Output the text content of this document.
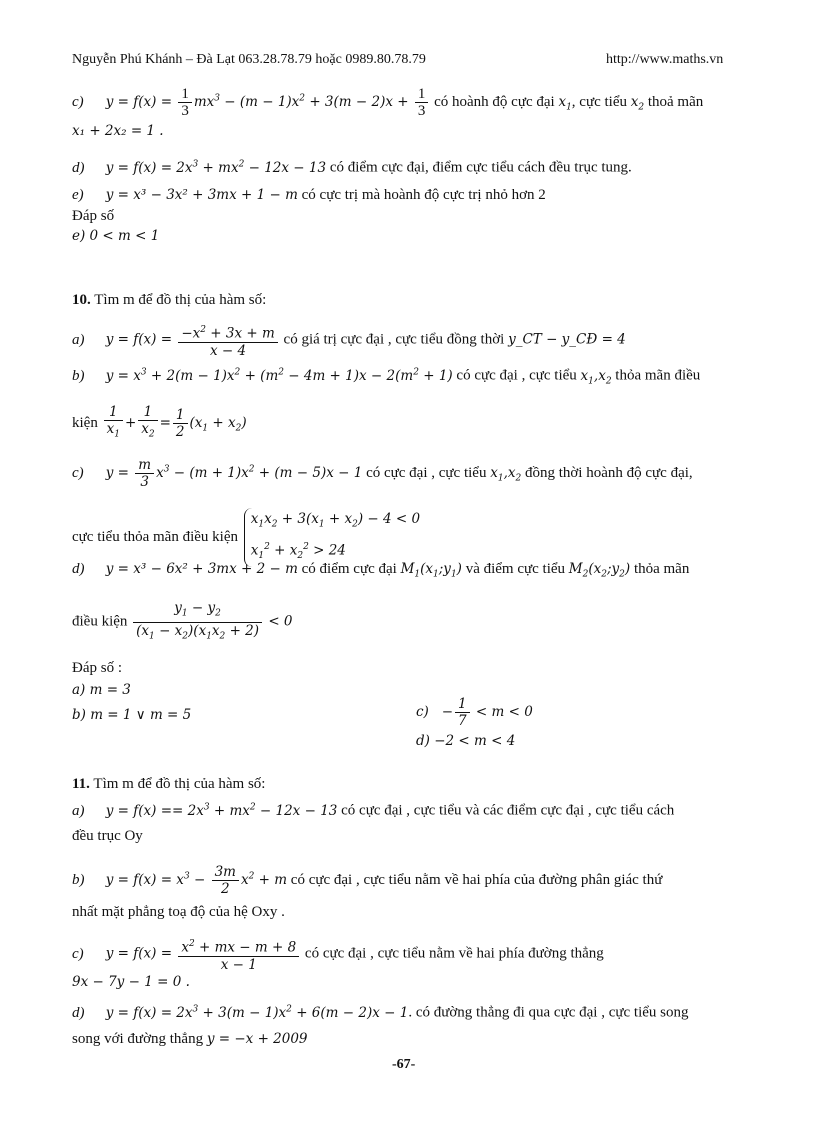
Nguyễn Phú Khánh – Đà Lạt 063.28.78.79 hoặc 0989.80.78.79	http://www.maths.vn
c) $y = f(x) = \frac{1}{3} mx^3 - (m - 1)x^2 + 3(m - 2)x + \frac{1}{3}$ có hoành độ cực đại $x_1$, cực tiểu $x_2$ thoả mãn
x₁ + 2x₂ = 1 .
d) $y = f(x) = 2x^3 + mx^2 - 12x - 13$ có điểm cực đại, điểm cực tiểu cách đều trục tung.
e) y = x³ − 3x² + 3mx + 1 − m có cực trị mà hoành độ cực trị nhỏ hơn 2
Đáp số
e) 0 < m < 1
10. Tìm m để đồ thị của hàm số:
a) $y = f(x) = \frac{-x^2 + 3x + m}{x - 4}$ có giá trị cực đại , cực tiểu đồng thời y_CT − y_CĐ = 4
b) $y = x^3 + 2(m - 1)x^2 + (m^2 - 4m + 1)x - 2(m^2 + 1)$ có cực đại , cực tiểu $x_1,x_2$ thỏa mãn điều
kiện $\frac{1}{x_1} + \frac{1}{x_2} = \frac{1}{2} (x_1 + x_2)$
c) $y = \frac{m}{3} x^3 - (m + 1)x^2 + (m - 5)x - 1$ có cực đại , cực tiểu $x_1,x_2$ đồng thời hoành độ cực đại,
cực tiểu thỏa mãn điều kiện
$x_1x_2 + 3(x_1 + x_2) - 4 < 0$
$x_1^2 + x_2^2 > 24$
d) y = x³ − 6x² + 3mx + 2 − m có điểm cực đại $M_1(x_1;y_1)$ và điểm cực tiểu $M_2(x_2;y_2)$ thỏa mãn
điều kiện $\frac{y_1 - y_2}{(x_1 - x_2)(x_1x_2 + 2)} < 0$
Đáp số :
a) m = 3
b) m = 1 ∨ m = 5	$c) - \frac{1}{7} < m < 0$
d) −2 < m < 4
11. Tìm m để đồ thị của hàm số:
a) $y = f(x) == 2x^3 + mx^2 - 12x - 13$ có cực đại , cực tiểu và các điểm cực đại , cực tiểu cách
đều trục Oy
b) $y = f(x) = x^3 - \frac{3m}{2} x^2 + m$ có cực đại , cực tiểu nằm về hai phía của đường phân giác thứ
nhất mặt phẳng toạ độ của hệ Oxy .
c) $y = f(x) = \frac{x^2 + mx - m + 8}{x - 1}$ có cực đại , cực tiểu nằm về hai phía đường thẳng
9x − 7y − 1 = 0 .
d) $y = f(x) = 2x^3 + 3(m - 1)x^2 + 6(m - 2)x - 1$. có đường thẳng đi qua cực đại , cực tiểu song
song với đường thẳng y = −x + 2009
-67-
